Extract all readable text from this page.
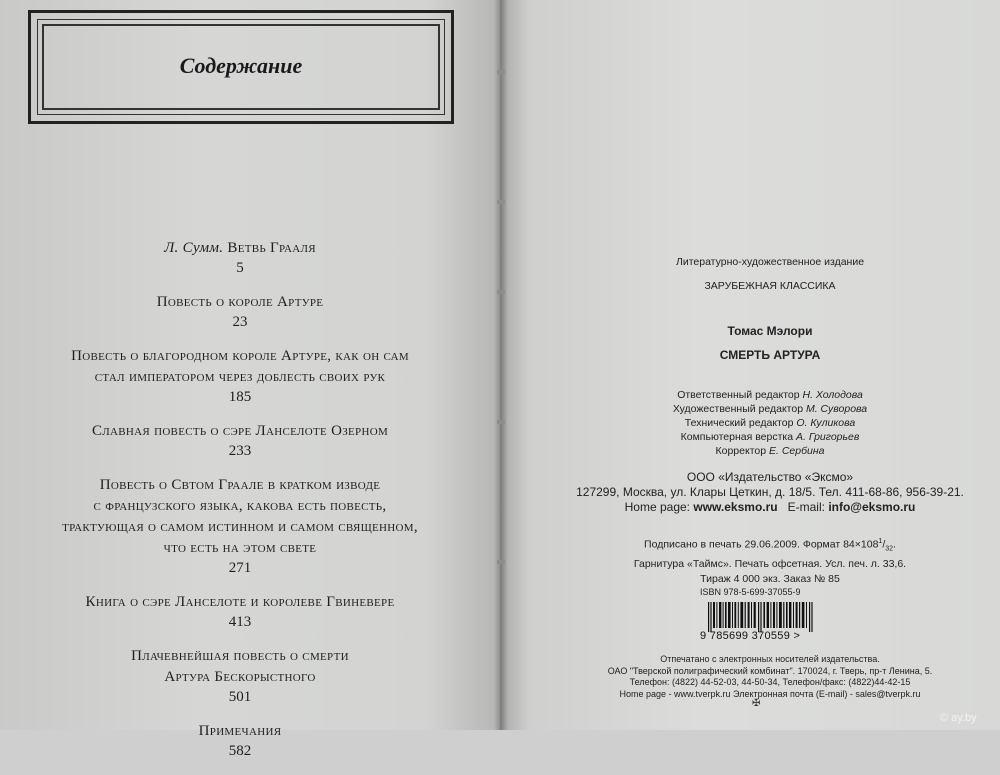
Содержание
Л. Сумм. Ветвь Грааля
5
Повесть о короле Артуре
23
Повесть о благородном короле Артуре, как он сам
стал императором через доблесть своих рук
185
Славная повесть о сэре Ланселоте Озерном
233
Повесть о Свтом Граале в кратком изводе
с французского языка, какова есть повесть,
трактующая о самом истинном и самом священном,
что есть на этом свете
271
Книга о сэре Ланселоте и королеве Гвиневере
413
Плачевнейшая повесть о смерти
Артура Бескорыстного
501
Примечания
582
Литературно-художественное издание
ЗАРУБЕЖНАЯ КЛАССИКА
Томас Мэлори
СМЕРТЬ АРТУРА
Ответственный редактор Н. Холодова
Художественный редактор М. Суворова
Технический редактор О. Куликова
Компьютерная верстка А. Григорьев
Корректор Е. Сербина
ООО «Издательство «Эксмо»
127299, Москва, ул. Клары Цеткин, д. 18/5. Тел. 411-68-86, 956-39-21.
Home page: www.eksmo.ru E-mail: info@eksmo.ru
Подписано в печать 29.06.2009. Формат $84\times 108^1/_{32}$.
Гарнитура «Таймс». Печать офсетная. Усл. печ. л. 33,6.
Тираж 4 000 экз. Заказ № 85
ISBN 978-5-699-37055-9
9 785699 370559 >
Отпечатано с электронных носителей издательства.
ОАО "Тверской полиграфический комбинат". 170024, г. Тверь, пр-т Ленина, 5.
Телефон: (4822) 44-52-03, 44-50-34, Телефон/факс: (4822)44-42-15
Home page - www.tverpk.ru Электронная почта (E-mail) - sales@tverpk.ru
✠
© ay.by
